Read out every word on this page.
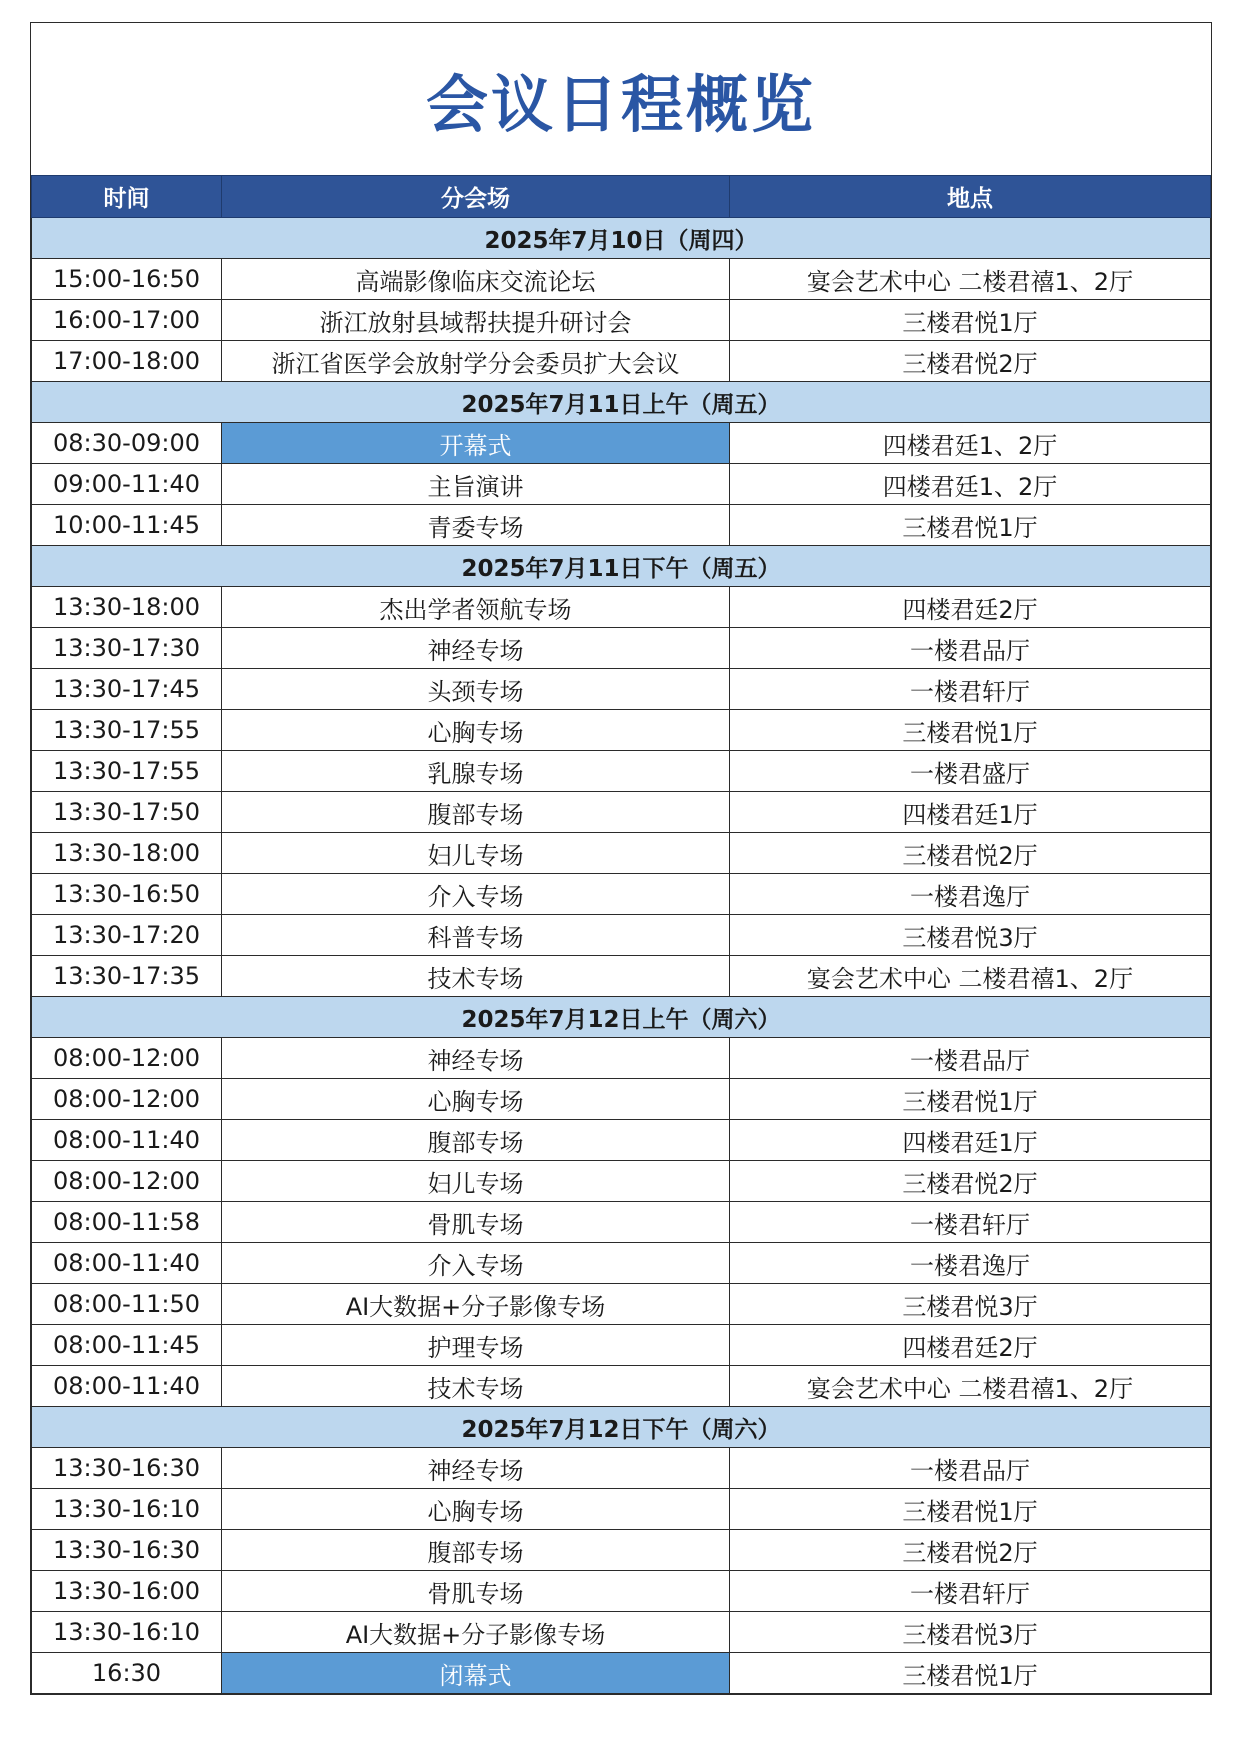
会议日程概览
时间	分会场	地点
2025年7月10日（周四）		
15:00-16:50	高端影像临床交流论坛	宴会艺术中心 二楼君禧1、2厅
16:00-17:00	浙江放射县域帮扶提升研讨会	三楼君悦1厅
17:00-18:00	浙江省医学会放射学分会委员扩大会议	三楼君悦2厅
2025年7月11日上午（周五）		
08:30-09:00	开幕式	四楼君廷1、2厅
09:00-11:40	主旨演讲	四楼君廷1、2厅
10:00-11:45	青委专场	三楼君悦1厅
2025年7月11日下午（周五）		
13:30-18:00	杰出学者领航专场	四楼君廷2厅
13:30-17:30	神经专场	一楼君品厅
13:30-17:45	头颈专场	一楼君轩厅
13:30-17:55	心胸专场	三楼君悦1厅
13:30-17:55	乳腺专场	一楼君盛厅
13:30-17:50	腹部专场	四楼君廷1厅
13:30-18:00	妇儿专场	三楼君悦2厅
13:30-16:50	介入专场	一楼君逸厅
13:30-17:20	科普专场	三楼君悦3厅
13:30-17:35	技术专场	宴会艺术中心 二楼君禧1、2厅
2025年7月12日上午（周六）		
08:00-12:00	神经专场	一楼君品厅
08:00-12:00	心胸专场	三楼君悦1厅
08:00-11:40	腹部专场	四楼君廷1厅
08:00-12:00	妇儿专场	三楼君悦2厅
08:00-11:58	骨肌专场	一楼君轩厅
08:00-11:40	介入专场	一楼君逸厅
08:00-11:50	AI大数据+分子影像专场	三楼君悦3厅
08:00-11:45	护理专场	四楼君廷2厅
08:00-11:40	技术专场	宴会艺术中心 二楼君禧1、2厅
2025年7月12日下午（周六）		
13:30-16:30	神经专场	一楼君品厅
13:30-16:10	心胸专场	三楼君悦1厅
13:30-16:30	腹部专场	三楼君悦2厅
13:30-16:00	骨肌专场	一楼君轩厅
13:30-16:10	AI大数据+分子影像专场	三楼君悦3厅
16:30	闭幕式	三楼君悦1厅
